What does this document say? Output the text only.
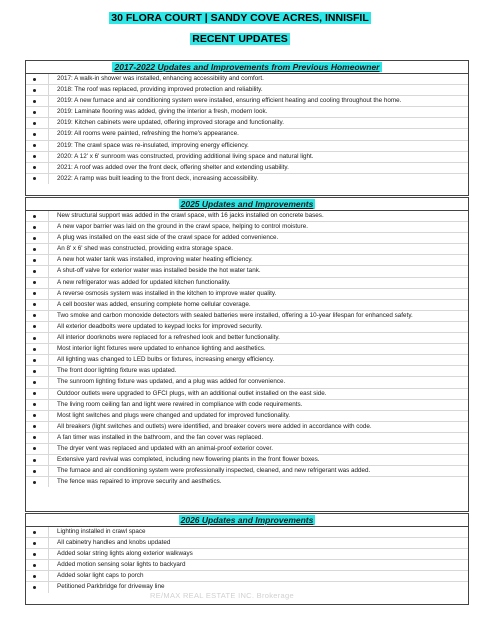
30 FLORA COURT | SANDY COVE ACRES, INNISFIL
RECENT UPDATES
2017-2022 Updates and Improvements from Previous Homeowner
2017: A walk-in shower was installed, enhancing accessibility and comfort.
2018: The roof was replaced, providing improved protection and reliability.
2019: A new furnace and air conditioning system were installed, ensuring efficient heating and cooling throughout the home.
2019: Laminate flooring was added, giving the interior a fresh, modern look.
2019: Kitchen cabinets were updated, offering improved storage and functionality.
2019: All rooms were painted, refreshing the home's appearance.
2019: The crawl space was re-insulated, improving energy efficiency.
2020: A 12' x 6' sunroom was constructed, providing additional living space and natural light.
2021: A roof was added over the front deck, offering shelter and extending usability.
2022: A ramp was built leading to the front deck, increasing accessibility.
2025 Updates and Improvements
New structural support was added in the crawl space, with 16 jacks installed on concrete bases.
A new vapor barrier was laid on the ground in the crawl space, helping to control moisture.
A plug was installed on the east side of the crawl space for added convenience.
An 8' x 6' shed was constructed, providing extra storage space.
A new hot water tank was installed, improving water heating efficiency.
A shut-off valve for exterior water was installed beside the hot water tank.
A new refrigerator was added for updated kitchen functionality.
A reverse osmosis system was installed in the kitchen to improve water quality.
A cell booster was added, ensuring complete home cellular coverage.
Two smoke and carbon monoxide detectors with sealed batteries were installed, offering a 10-year lifespan for enhanced safety.
All exterior deadbolts were updated to keypad locks for improved security.
All interior doorknobs were replaced for a refreshed look and better functionality.
Most interior light fixtures were updated to enhance lighting and aesthetics.
All lighting was changed to LED bulbs or fixtures, increasing energy efficiency.
The front door lighting fixture was updated.
The sunroom lighting fixture was updated, and a plug was added for convenience.
Outdoor outlets were upgraded to GFCI plugs, with an additional outlet installed on the east side.
The living room ceiling fan and light were rewired in compliance with code requirements.
Most light switches and plugs were changed and updated for improved functionality.
All breakers (light switches and outlets) were identified, and breaker covers were added in accordance with code.
A fan timer was installed in the bathroom, and the fan cover was replaced.
The dryer vent was replaced and updated with an animal-proof exterior cover.
Extensive yard revival was completed, including new flowering plants in the front flower boxes.
The furnace and air conditioning system were professionally inspected, cleaned, and new refrigerant was added.
The fence was repaired to improve security and aesthetics.
2026 Updates and Improvements
Lighting installed in crawl space
All cabinetry handles and knobs updated
Added solar string lights along exterior walkways
Added motion sensing solar lights to backyard
Added solar light caps to porch
Petitioned Parkbridge for driveway line
RE/MAX REAL ESTATE INC. Brokerage
